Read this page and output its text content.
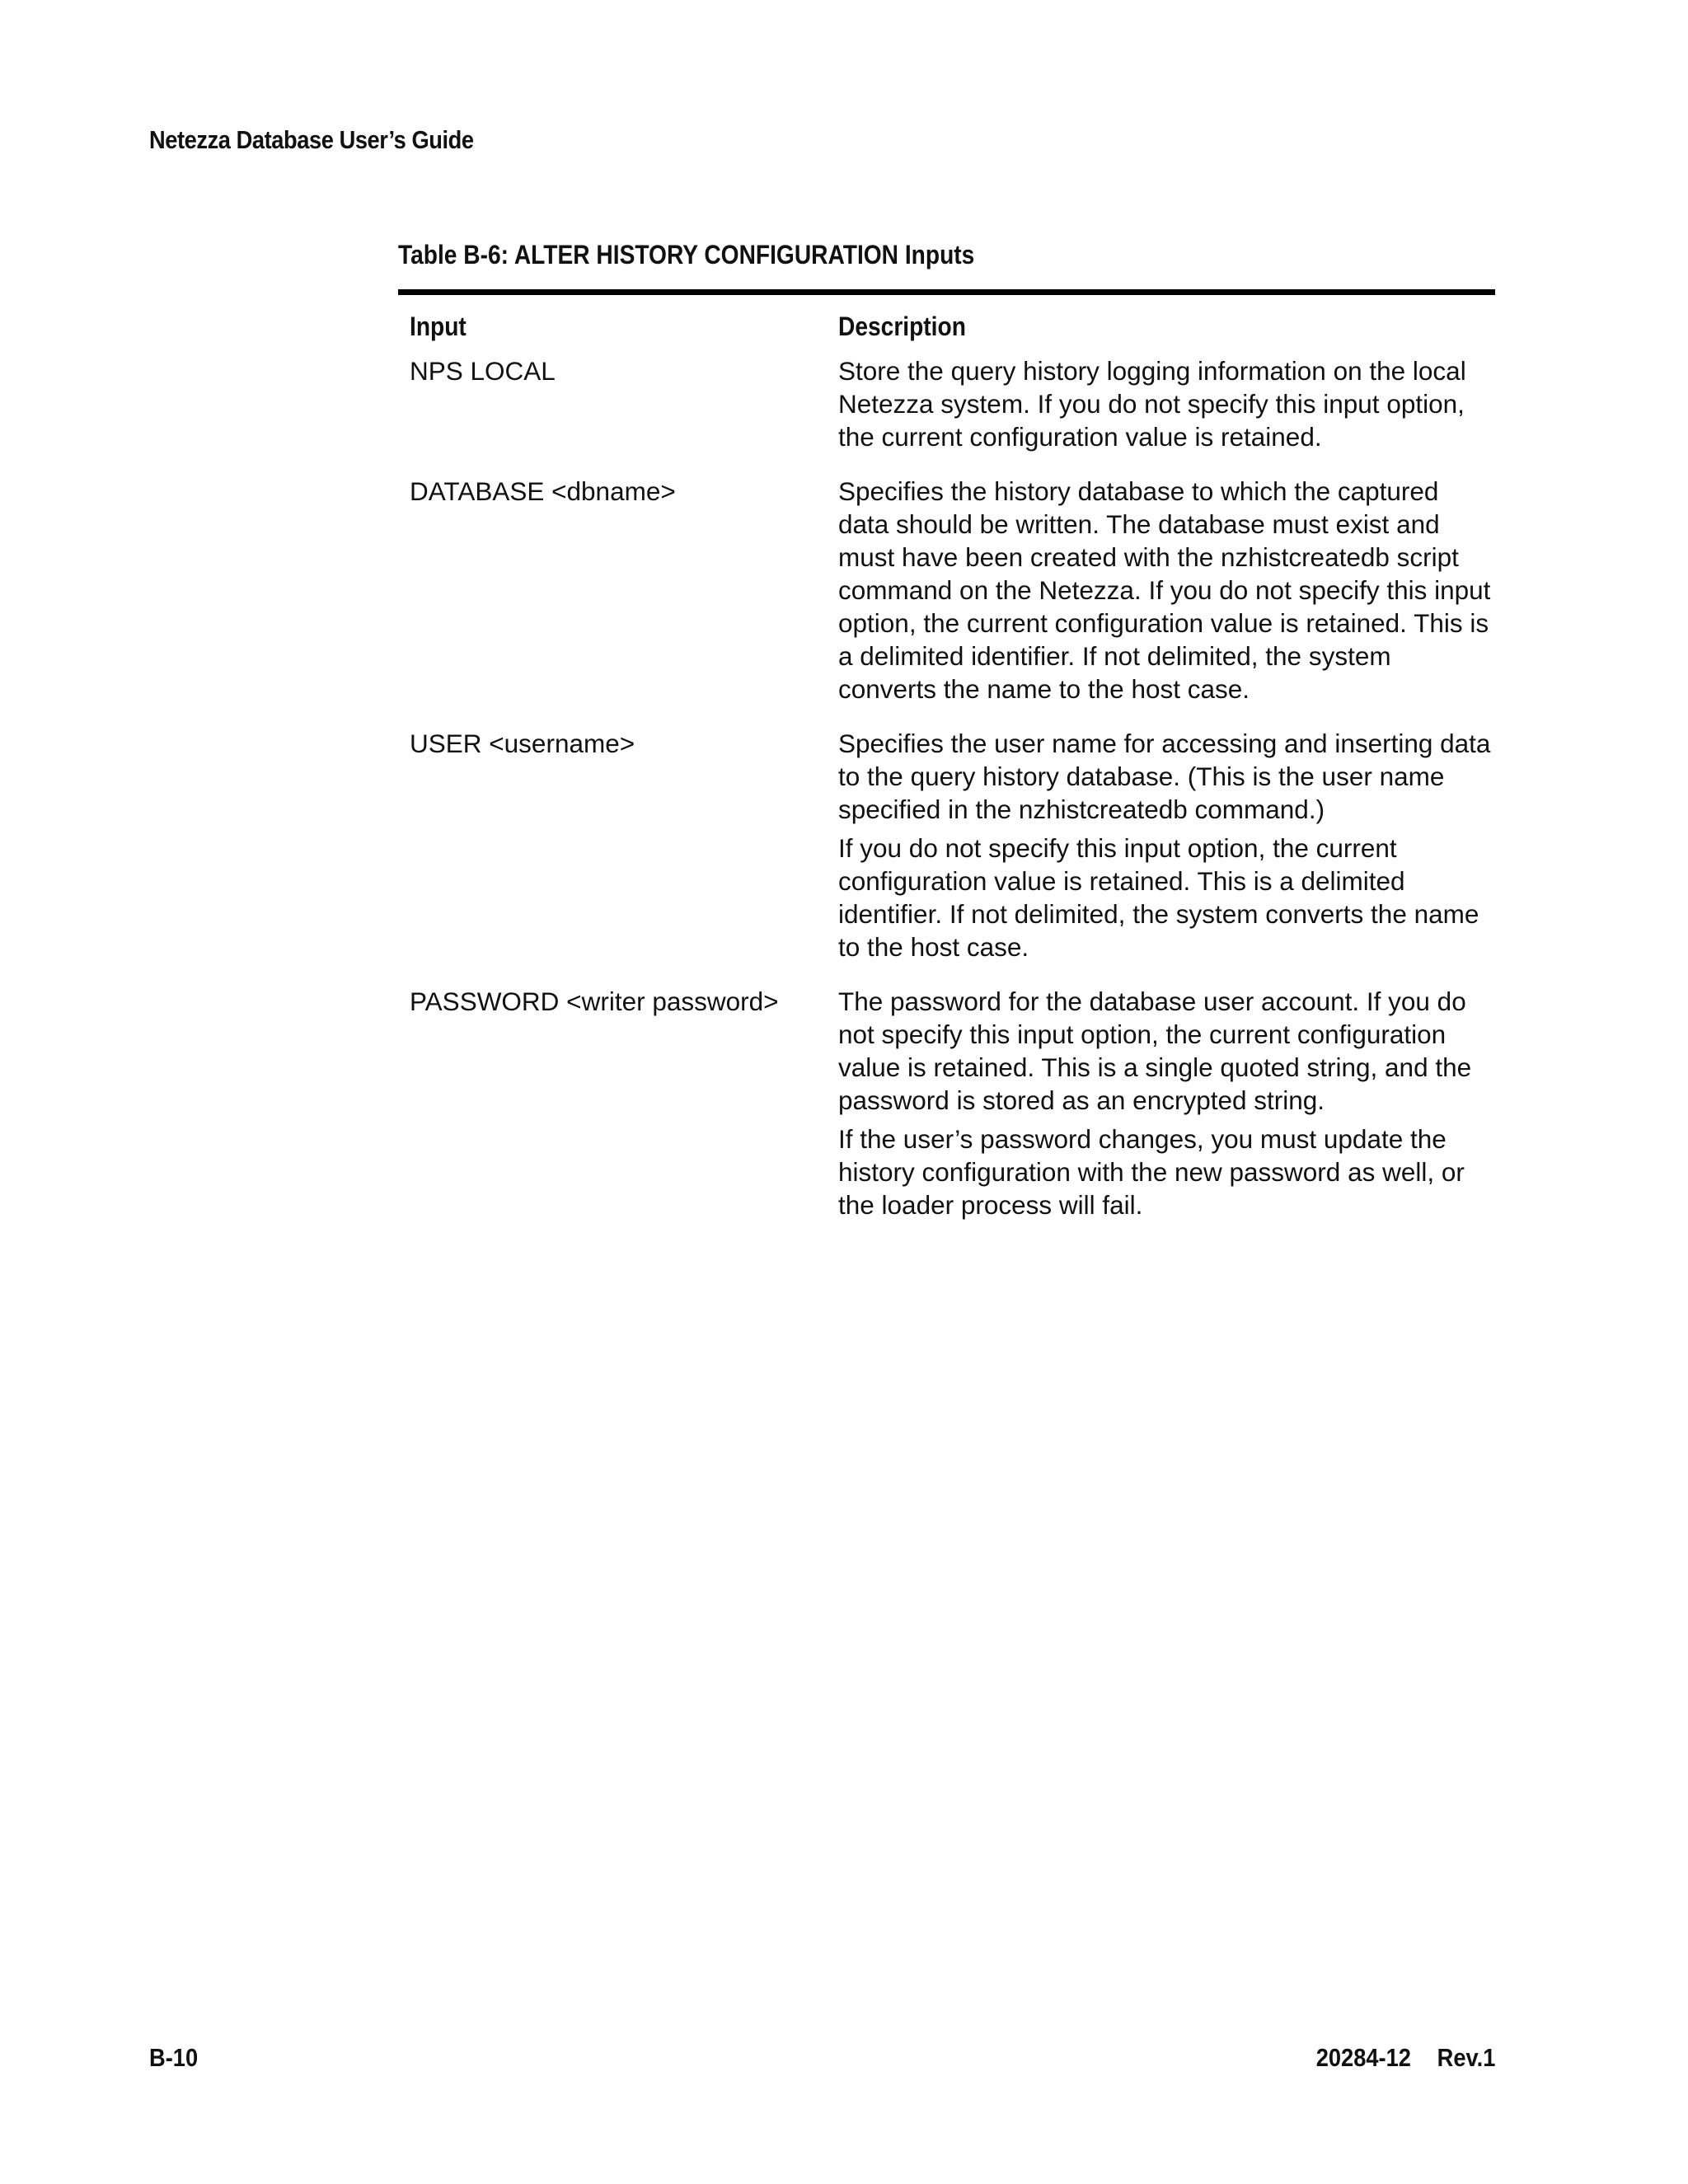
Netezza Database User’s Guide
Table B-6: ALTER HISTORY CONFIGURATION Inputs
Input	Description
NPS LOCAL	Store the query history logging information on the local Netezza system. If you do not specify this input option, the current configuration value is retained.

DATABASE <dbname>	Specifies the history database to which the captured data should be written. The database must exist and must have been created with the nzhistcreatedb script command on the Netezza. If you do not specify this input option, the current configuration value is retained. This is a delimited identifier. If not delimited, the system converts the name to the host case.

USER <username>	Specifies the user name for accessing and inserting data to the query history database. (This is the user name specified in the nzhistcreatedb command.)

If you do not specify this input option, the current configuration value is retained. This is a delimited identifier. If not delimited, the system converts the name to the host case.

PASSWORD <writer password>	The password for the database user account. If you do not specify this input option, the current configuration value is retained. This is a single quoted string, and the password is stored as an encrypted string.

If the user’s password changes, you must update the history configuration with the new password as well, or the loader process will fail.

B-10	20284-12 Rev.1
